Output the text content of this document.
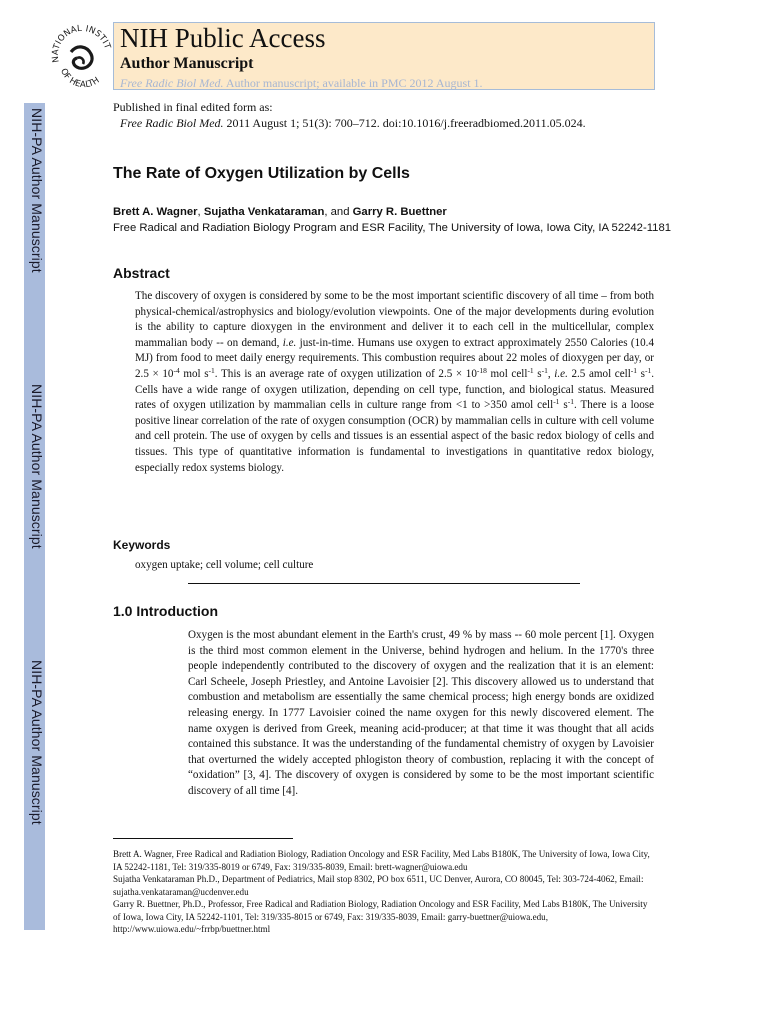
NIH-PA Author Manuscript
NIH-PA Author Manuscript
NIH-PA Author Manuscript
NATIONAL INSTIT
OF HEALTH
NIH Public Access
Author Manuscript
Free Radic Biol Med. Author manuscript; available in PMC 2012 August 1.
Published in final edited form as:
Free Radic Biol Med. 2011 August 1; 51(3): 700–712. doi:10.1016/j.freeradbiomed.2011.05.024.
The Rate of Oxygen Utilization by Cells
Brett A. Wagner, Sujatha Venkataraman, and Garry R. Buettner
Free Radical and Radiation Biology Program and ESR Facility, The University of Iowa, Iowa City, IA 52242-1181
Abstract
The discovery of oxygen is considered by some to be the most important scientific discovery of all time – from both physical-chemical/astrophysics and biology/evolution viewpoints. One of the major developments during evolution is the ability to capture dioxygen in the environment and deliver it to each cell in the multicellular, complex mammalian body -- on demand, i.e. just-in-time. Humans use oxygen to extract approximately 2550 Calories (10.4 MJ) from food to meet daily energy requirements. This combustion requires about 22 moles of dioxygen per day, or $2.5 \times 10^{-4}$ mol $s^{-1}$. This is an average rate of oxygen utilization of $2.5 \times 10^{-18}$ mol cell$^{-1}$ $s^{-1}$, i.e. 2.5 amol cell$^{-1}$ $s^{-1}$. Cells have a wide range of oxygen utilization, depending on cell type, function, and biological status. Measured rates of oxygen utilization by mammalian cells in culture range from <1 to >350 amol cell$^{-1}$ $s^{-1}$. There is a loose positive linear correlation of the rate of oxygen consumption (OCR) by mammalian cells in culture with cell volume and cell protein. The use of oxygen by cells and tissues is an essential aspect of the basic redox biology of cells and tissues. This type of quantitative information is fundamental to investigations in quantitative redox biology, especially redox systems biology.
Keywords
oxygen uptake; cell volume; cell culture
1.0 Introduction
Oxygen is the most abundant element in the Earth's crust, 49 % by mass -- 60 mole percent [1]. Oxygen is the third most common element in the Universe, behind hydrogen and helium. In the 1770's three people independently contributed to the discovery of oxygen and the realization that it is an element: Carl Scheele, Joseph Priestley, and Antoine Lavoisier [2]. This discovery allowed us to understand that combustion and metabolism are essentially the same chemical process; high energy bonds are oxidized releasing energy. In 1777 Lavoisier coined the name oxygen for this newly discovered element. The name oxygen is derived from Greek, meaning acid-producer; at that time it was thought that all acids contained this substance. It was the understanding of the fundamental chemistry of oxygen by Lavoisier that overturned the widely accepted phlogiston theory of combustion, replacing it with the concept of “oxidation” [3, 4]. The discovery of oxygen is considered by some to be the most important scientific discovery of all time [4].
Brett A. Wagner, Free Radical and Radiation Biology, Radiation Oncology and ESR Facility, Med Labs B180K, The University of Iowa, Iowa City, IA 52242-1181, Tel: 319/335-8019 or 6749, Fax: 319/335-8039, Email: brett-wagner@uiowa.edu
Sujatha Venkataraman Ph.D., Department of Pediatrics, Mail stop 8302, PO box 6511, UC Denver, Aurora, CO 80045, Tel: 303-724-4062, Email: sujatha.venkataraman@ucdenver.edu
Garry R. Buettner, Ph.D., Professor, Free Radical and Radiation Biology, Radiation Oncology and ESR Facility, Med Labs B180K, The University of Iowa, Iowa City, IA 52242-1101, Tel: 319/335-8015 or 6749, Fax: 319/335-8039, Email: garry-buettner@uiowa.edu, http://www.uiowa.edu/~frrbp/buettner.html
